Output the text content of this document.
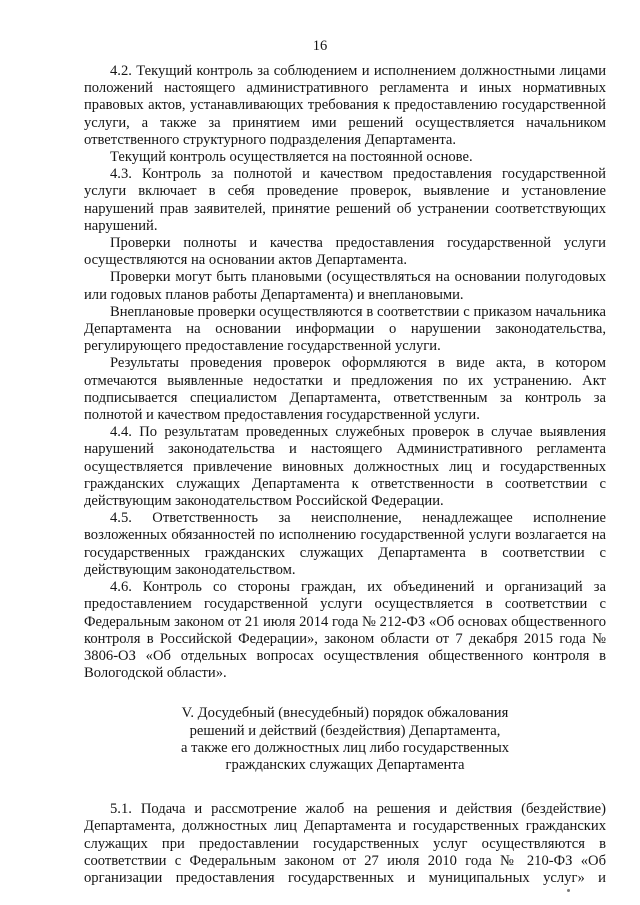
16

4.2. Текущий контроль за соблюдением и исполнением должностными лицами положений настоящего административного регламента и иных нормативных правовых актов, устанавливающих требования к предоставлению государственной услуги, а также за принятием ими решений осуществляется начальником ответственного структурного подразделения Департамента.

Текущий контроль осуществляется на постоянной основе.

4.3. Контроль за полнотой и качеством предоставления государственной услуги включает в себя проведение проверок, выявление и установление нарушений прав заявителей, принятие решений об устранении соответствующих нарушений.

Проверки полноты и качества предоставления государственной услуги осуществляются на основании актов Департамента.

Проверки могут быть плановыми (осуществляться на основании полугодовых или годовых планов работы Департамента) и внеплановыми.

Внеплановые проверки осуществляются в соответствии с приказом начальника Департамента на основании информации о нарушении законодательства, регулирующего предоставление государственной услуги.

Результаты проведения проверок оформляются в виде акта, в котором отмечаются выявленные недостатки и предложения по их устранению. Акт подписывается специалистом Департамента, ответственным за контроль за полнотой и качеством предоставления государственной услуги.

4.4. По результатам проведенных служебных проверок в случае выявления нарушений законодательства и настоящего Административного регламента осуществляется привлечение виновных должностных лиц и государственных гражданских служащих Департамента к ответственности в соответствии с действующим законодательством Российской Федерации.

4.5. Ответственность за неисполнение, ненадлежащее исполнение возложенных обязанностей по исполнению государственной услуги возлагается на государственных гражданских служащих Департамента в соответствии с действующим законодательством.

4.6. Контроль со стороны граждан, их объединений и организаций за предоставлением государственной услуги осуществляется в соответствии с Федеральным законом от 21 июля 2014 года № 212-ФЗ «Об основах общественного контроля в Российской Федерации», законом области от 7 декабря 2015 года № 3806-ОЗ «Об отдельных вопросах осуществления общественного контроля в Вологодской области».

V. Досудебный (внесудебный) порядок обжалования
решений и действий (бездействия) Департамента,
а также его должностных лиц либо государственных
гражданских служащих Департамента

5.1. Подача и рассмотрение жалоб на решения и действия (бездействие) Департамента, должностных лиц Департамента и государственных гражданских служащих при предоставлении государственных услуг осуществляются в соответствии с Федеральным законом от 27 июля 2010 года № 210-ФЗ «Об организации предоставления государственных и муниципальных услуг» и
